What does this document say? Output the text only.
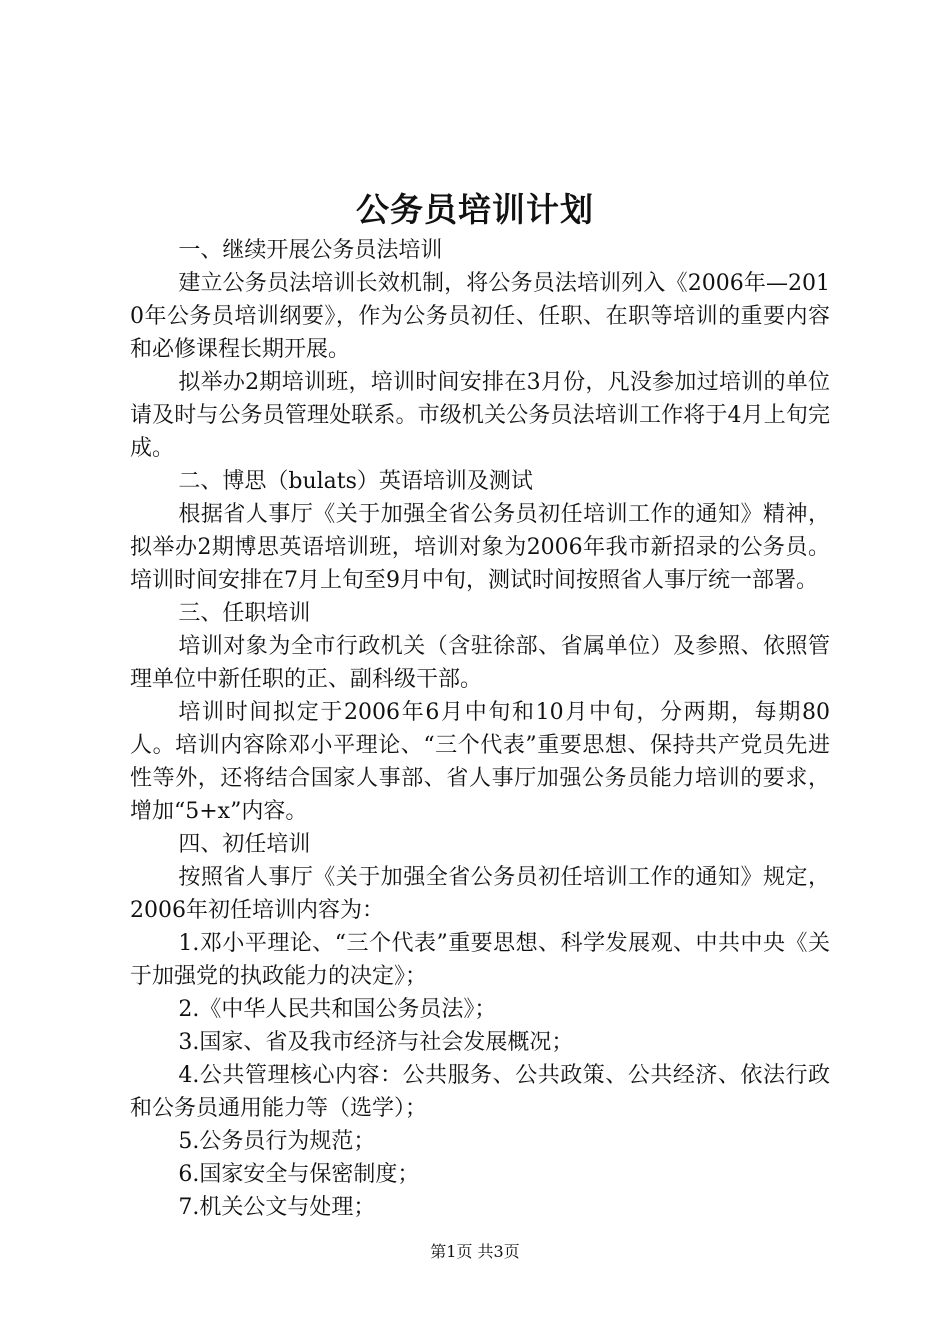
公务员培训计划

一、继续开展公务员法培训

建立公务员法培训长效机制，将公务员法培训列入《2006年—2010年公务员培训纲要》，作为公务员初任、任职、在职等培训的重要内容和必修课程长期开展。

拟举办2期培训班，培训时间安排在3月份，凡没参加过培训的单位请及时与公务员管理处联系。市级机关公务员法培训工作将于4月上旬完成。

二、博思（bulats）英语培训及测试

根据省人事厅《关于加强全省公务员初任培训工作的通知》精神，拟举办2期博思英语培训班，培训对象为2006年我市新招录的公务员。培训时间安排在7月上旬至9月中旬，测试时间按照省人事厅统一部署。

三、任职培训

培训对象为全市行政机关（含驻徐部、省属单位）及参照、依照管理单位中新任职的正、副科级干部。

培训时间拟定于2006年6月中旬和10月中旬，分两期，每期80人。培训内容除邓小平理论、“三个代表”重要思想、保持共产党员先进性等外，还将结合国家人事部、省人事厅加强公务员能力培训的要求，增加“5+x”内容。

四、初任培训

按照省人事厅《关于加强全省公务员初任培训工作的通知》规定，2006年初任培训内容为：

1.邓小平理论、“三个代表”重要思想、科学发展观、中共中央《关于加强党的执政能力的决定》；

2.《中华人民共和国公务员法》；

3.国家、省及我市经济与社会发展概况；

4.公共管理核心内容：公共服务、公共政策、公共经济、依法行政和公务员通用能力等（选学）；

5.公务员行为规范；

6.国家安全与保密制度；

7.机关公文与处理；

第1页 共3页
